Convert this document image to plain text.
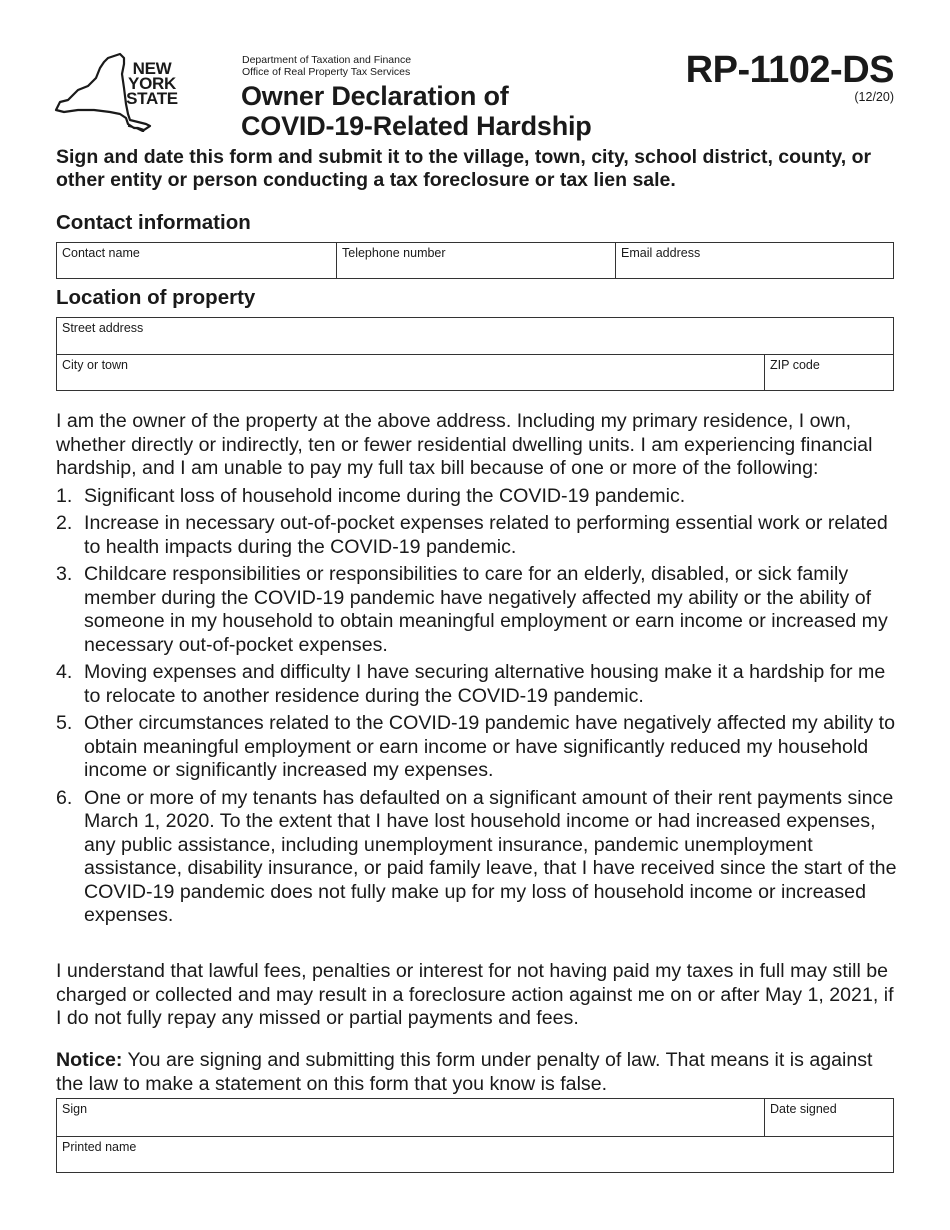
NEW
YORK
STATE
Department of Taxation and Finance
Office of Real Property Tax Services
Owner Declaration of
COVID-19-Related Hardship
RP-1102-DS
(12/20)
Sign and date this form and submit it to the village, town, city, school district, county, or other entity or person conducting a tax foreclosure or tax lien sale.
Contact information
Contact name	Telephone number	Email address
Location of property
Street address
City or town	ZIP code

I am the owner of the property at the above address. Including my primary residence, I own, whether directly or indirectly, ten or fewer residential dwelling units. I am experiencing financial hardship, and I am unable to pay my full tax bill because of one or more of the following:

1. Significant loss of household income during the COVID-19 pandemic.
2. Increase in necessary out-of-pocket expenses related to performing essential work or related to health impacts during the COVID-19 pandemic.
3. Childcare responsibilities or responsibilities to care for an elderly, disabled, or sick family member during the COVID-19 pandemic have negatively affected my ability or the ability of someone in my household to obtain meaningful employment or earn income or increased my necessary out-of-pocket expenses.
4. Moving expenses and difficulty I have securing alternative housing make it a hardship for me to relocate to another residence during the COVID-19 pandemic.
5. Other circumstances related to the COVID-19 pandemic have negatively affected my ability to obtain meaningful employment or earn income or have significantly reduced my household income or significantly increased my expenses.
6. One or more of my tenants has defaulted on a significant amount of their rent payments since March 1, 2020. To the extent that I have lost household income or had increased expenses, any public assistance, including unemployment insurance, pandemic unemployment assistance, disability insurance, or paid family leave, that I have received since the start of the COVID-19 pandemic does not fully make up for my loss of household income or increased expenses.

I understand that lawful fees, penalties or interest for not having paid my taxes in full may still be charged or collected and may result in a foreclosure action against me on or after May 1, 2021, if I do not fully repay any missed or partial payments and fees.

Notice: You are signing and submitting this form under penalty of law. That means it is against the law to make a statement on this form that you know is false.

Sign	Date signed
Printed name
